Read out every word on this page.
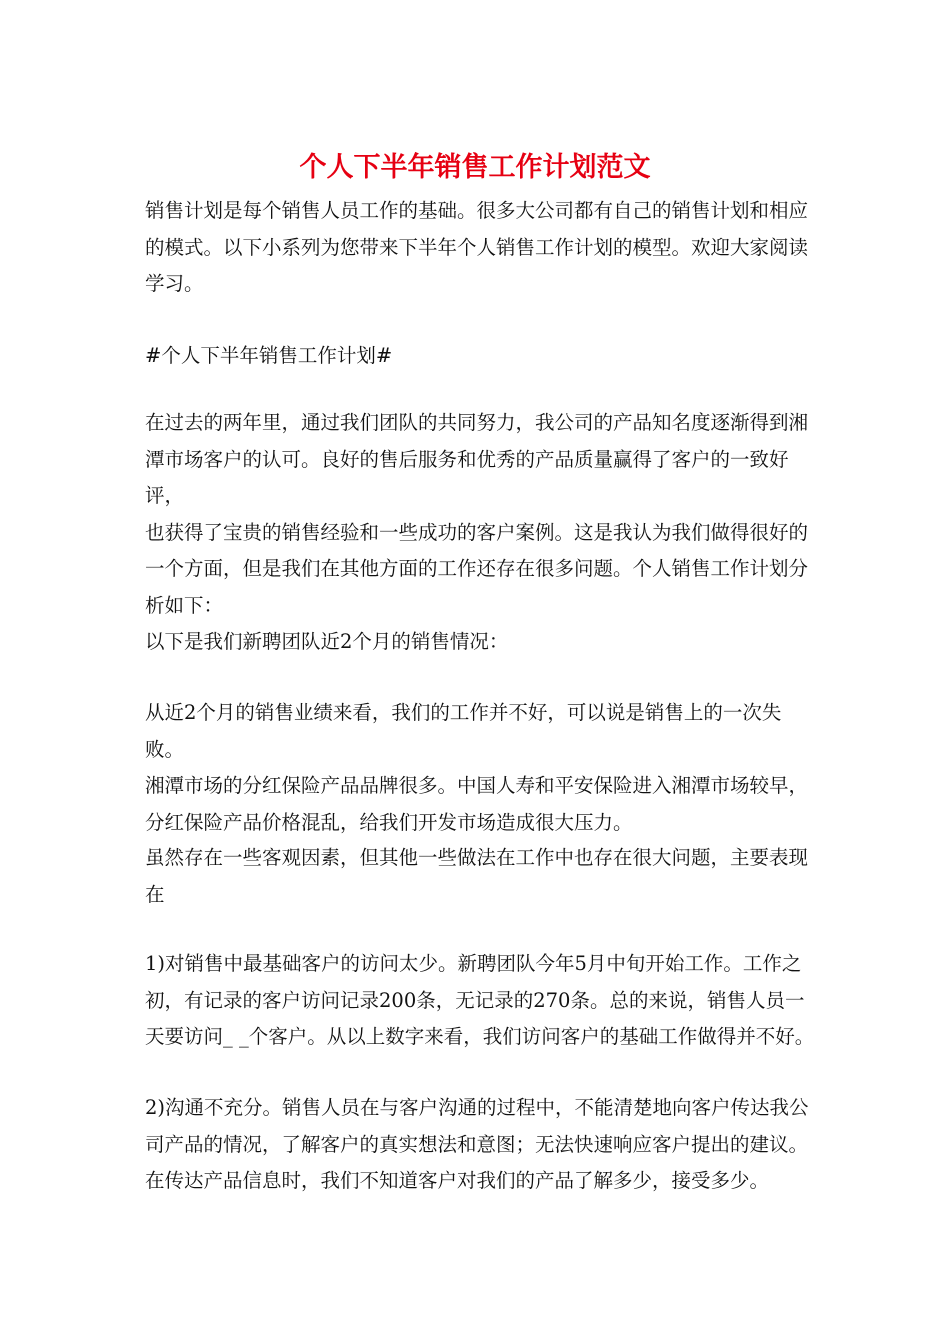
个人下半年销售工作计划范文

销售计划是每个销售人员工作的基础。很多大公司都有自己的销售计划和相应
的模式。以下小系列为您带来下半年个人销售工作计划的模型。欢迎大家阅读
学习。

#个人下半年销售工作计划#

在过去的两年里，通过我们团队的共同努力，我公司的产品知名度逐渐得到湘
潭市场客户的认可。良好的售后服务和优秀的产品质量赢得了客户的一致好评，
也获得了宝贵的销售经验和一些成功的客户案例。这是我认为我们做得很好的
一个方面，但是我们在其他方面的工作还存在很多问题。个人销售工作计划分
析如下：

以下是我们新聘团队近2个月的销售情况：

从近2个月的销售业绩来看，我们的工作并不好，可以说是销售上的一次失败。
湘潭市场的分红保险产品品牌很多。中国人寿和平安保险进入湘潭市场较早，
分红保险产品价格混乱，给我们开发市场造成很大压力。

虽然存在一些客观因素，但其他一些做法在工作中也存在很大问题，主要表现
在

1)对销售中最基础客户的访问太少。新聘团队今年5月中旬开始工作。工作之
初，有记录的客户访问记录200条，无记录的270条。总的来说，销售人员一
天要访问_ _个客户。从以上数字来看，我们访问客户的基础工作做得并不好。

2)沟通不充分。销售人员在与客户沟通的过程中，不能清楚地向客户传达我公
司产品的情况，了解客户的真实想法和意图；无法快速响应客户提出的建议。
在传达产品信息时，我们不知道客户对我们的产品了解多少，接受多少。
